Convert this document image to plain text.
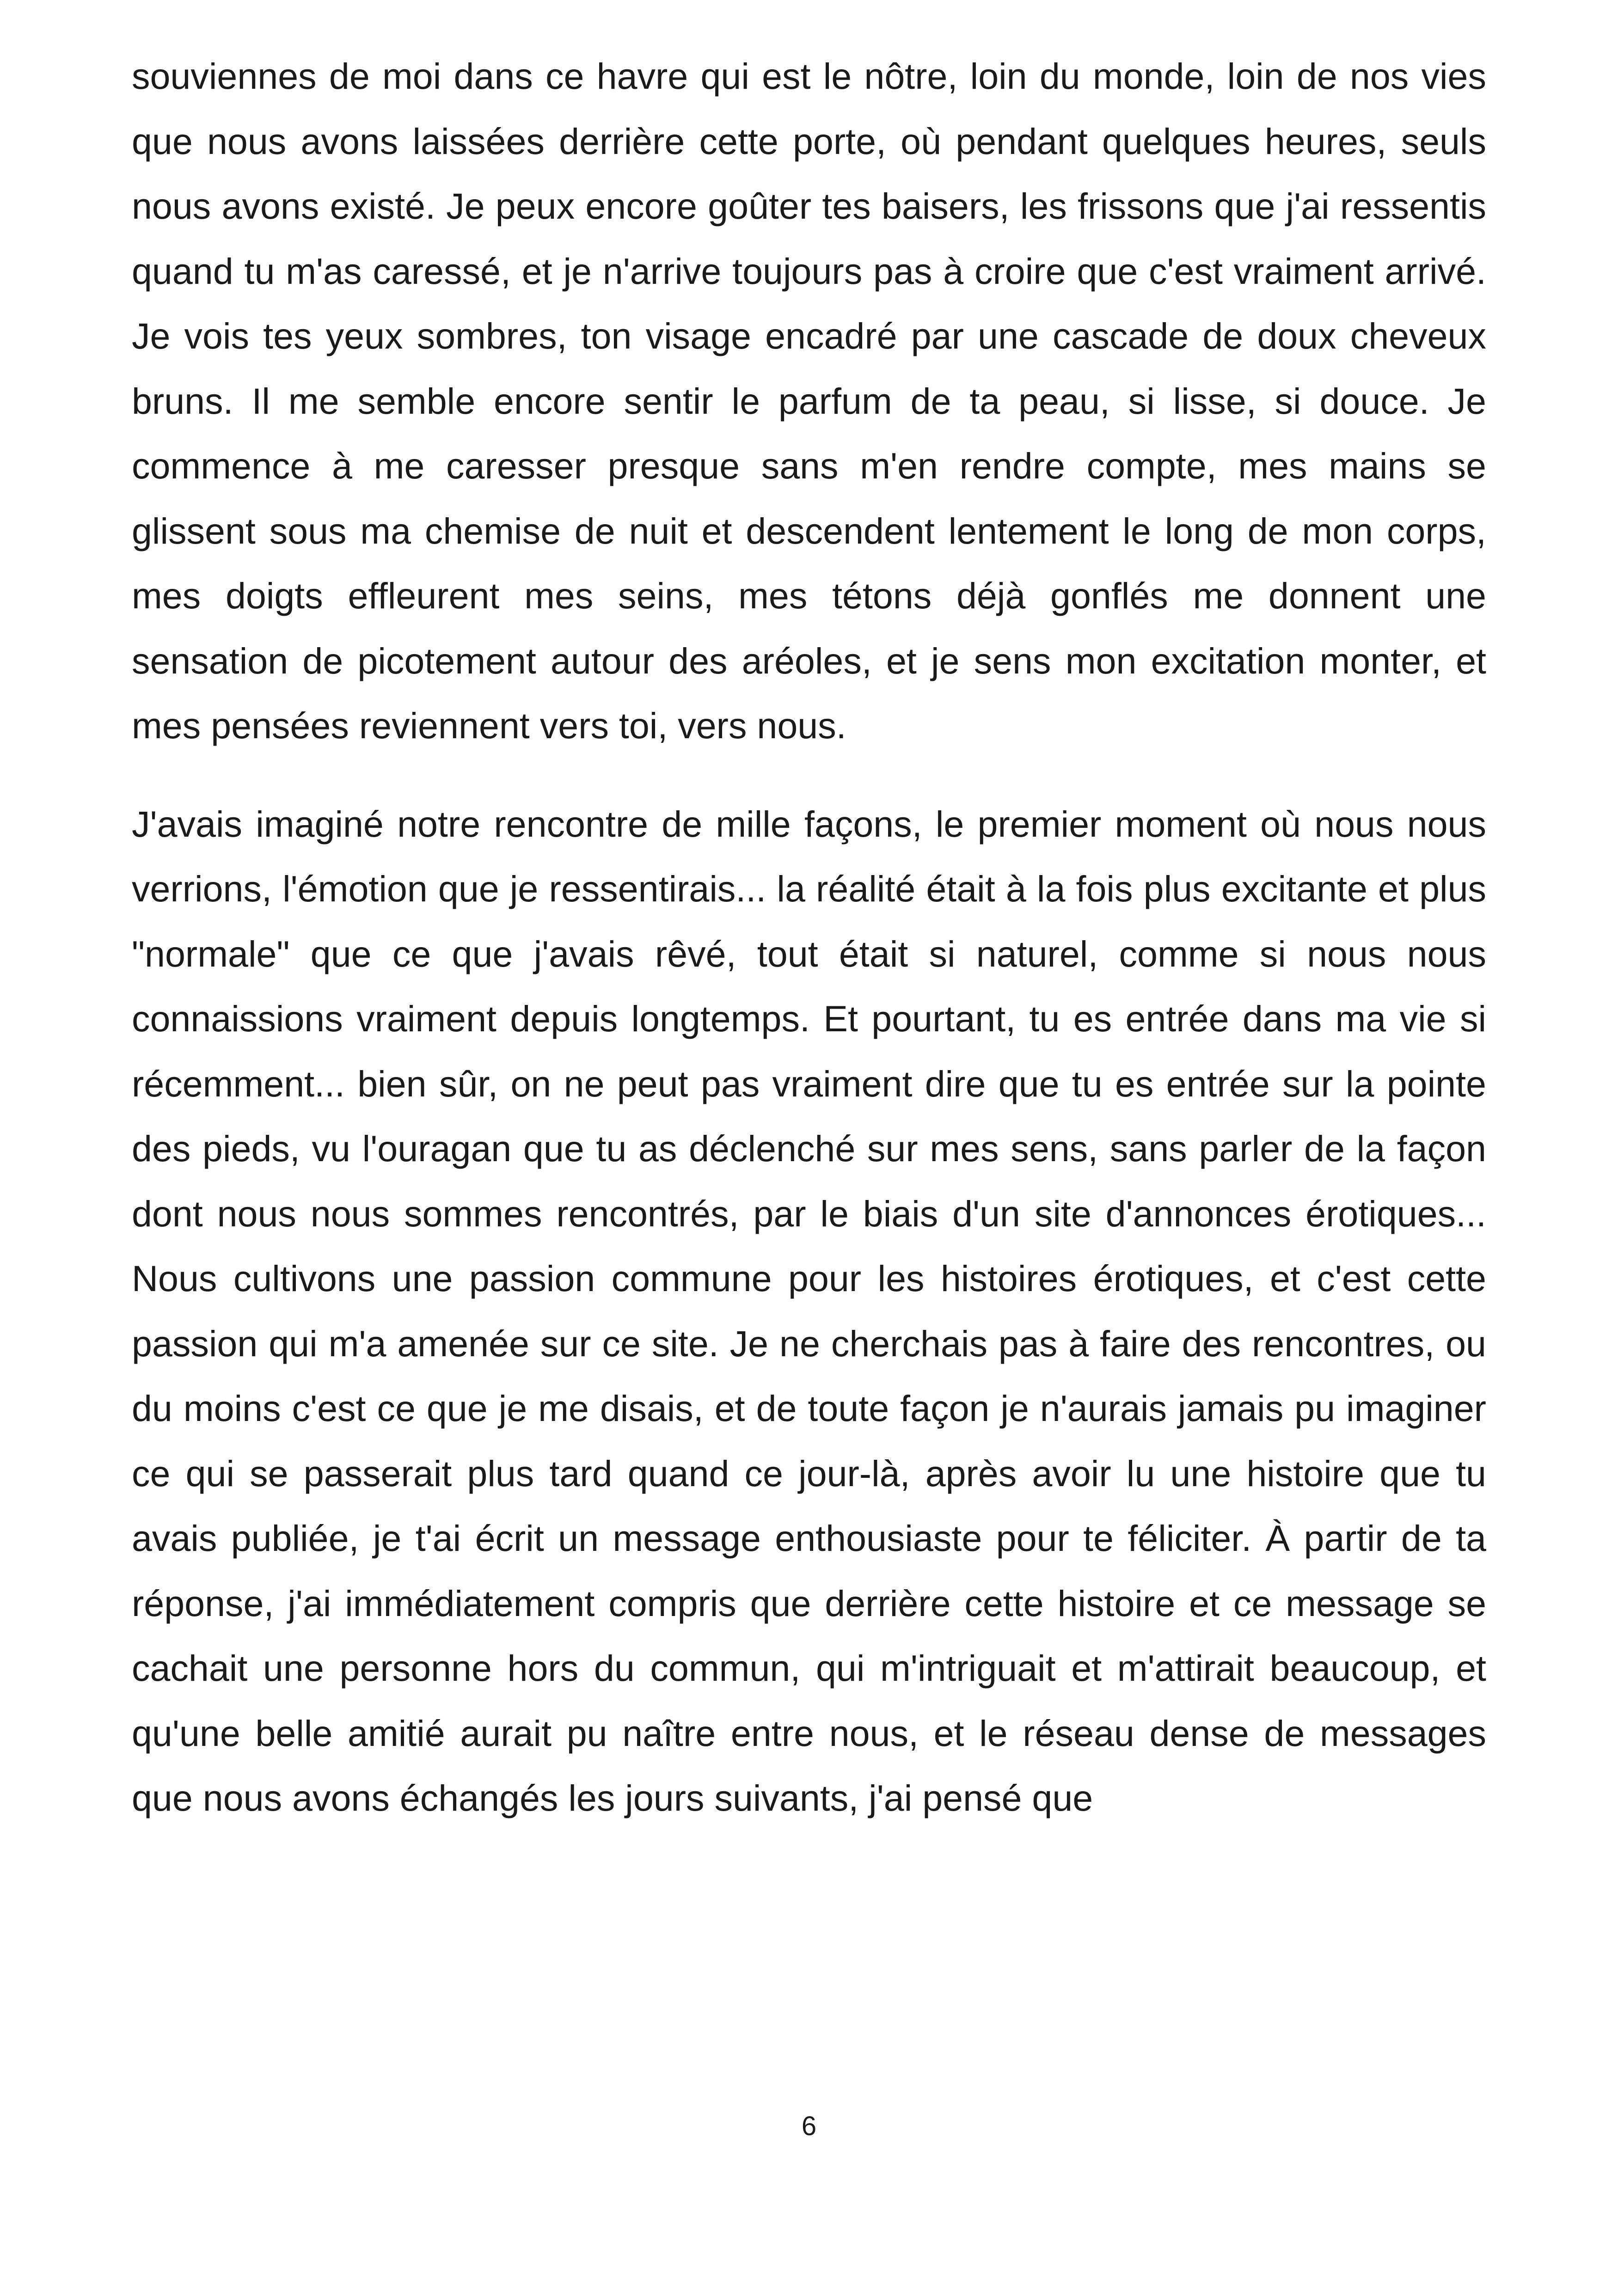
souviennes de moi dans ce havre qui est le nôtre, loin du monde, loin de nos vies que nous avons laissées derrière cette porte, où pendant quelques heures, seuls nous avons existé. Je peux encore goûter tes baisers, les frissons que j'ai ressentis quand tu m'as caressé, et je n'arrive toujours pas à croire que c'est vraiment arrivé. Je vois tes yeux sombres, ton visage encadré par une cascade de doux cheveux bruns. Il me semble encore sentir le parfum de ta peau, si lisse, si douce. Je commence à me caresser presque sans m'en rendre compte, mes mains se glissent sous ma chemise de nuit et descendent lentement le long de mon corps, mes doigts effleurent mes seins, mes tétons déjà gonflés me donnent une sensation de picotement autour des aréoles, et je sens mon excitation monter, et mes pensées reviennent vers toi, vers nous.

J'avais imaginé notre rencontre de mille façons, le premier moment où nous nous verrions, l'émotion que je ressentirais... la réalité était à la fois plus excitante et plus "normale" que ce que j'avais rêvé, tout était si naturel, comme si nous nous connaissions vraiment depuis longtemps. Et pourtant, tu es entrée dans ma vie si récemment... bien sûr, on ne peut pas vraiment dire que tu es entrée sur la pointe des pieds, vu l'ouragan que tu as déclenché sur mes sens, sans parler de la façon dont nous nous sommes rencontrés, par le biais d'un site d'annonces érotiques... Nous cultivons une passion commune pour les histoires érotiques, et c'est cette passion qui m'a amenée sur ce site. Je ne cherchais pas à faire des rencontres, ou du moins c'est ce que je me disais, et de toute façon je n'aurais jamais pu imaginer ce qui se passerait plus tard quand ce jour-là, après avoir lu une histoire que tu avais publiée, je t'ai écrit un message enthousiaste pour te féliciter. À partir de ta réponse, j'ai immédiatement compris que derrière cette histoire et ce message se cachait une personne hors du commun, qui m'intriguait et m'attirait beaucoup, et qu'une belle amitié aurait pu naître entre nous, et le réseau dense de messages que nous avons échangés les jours suivants, j'ai pensé que

6
